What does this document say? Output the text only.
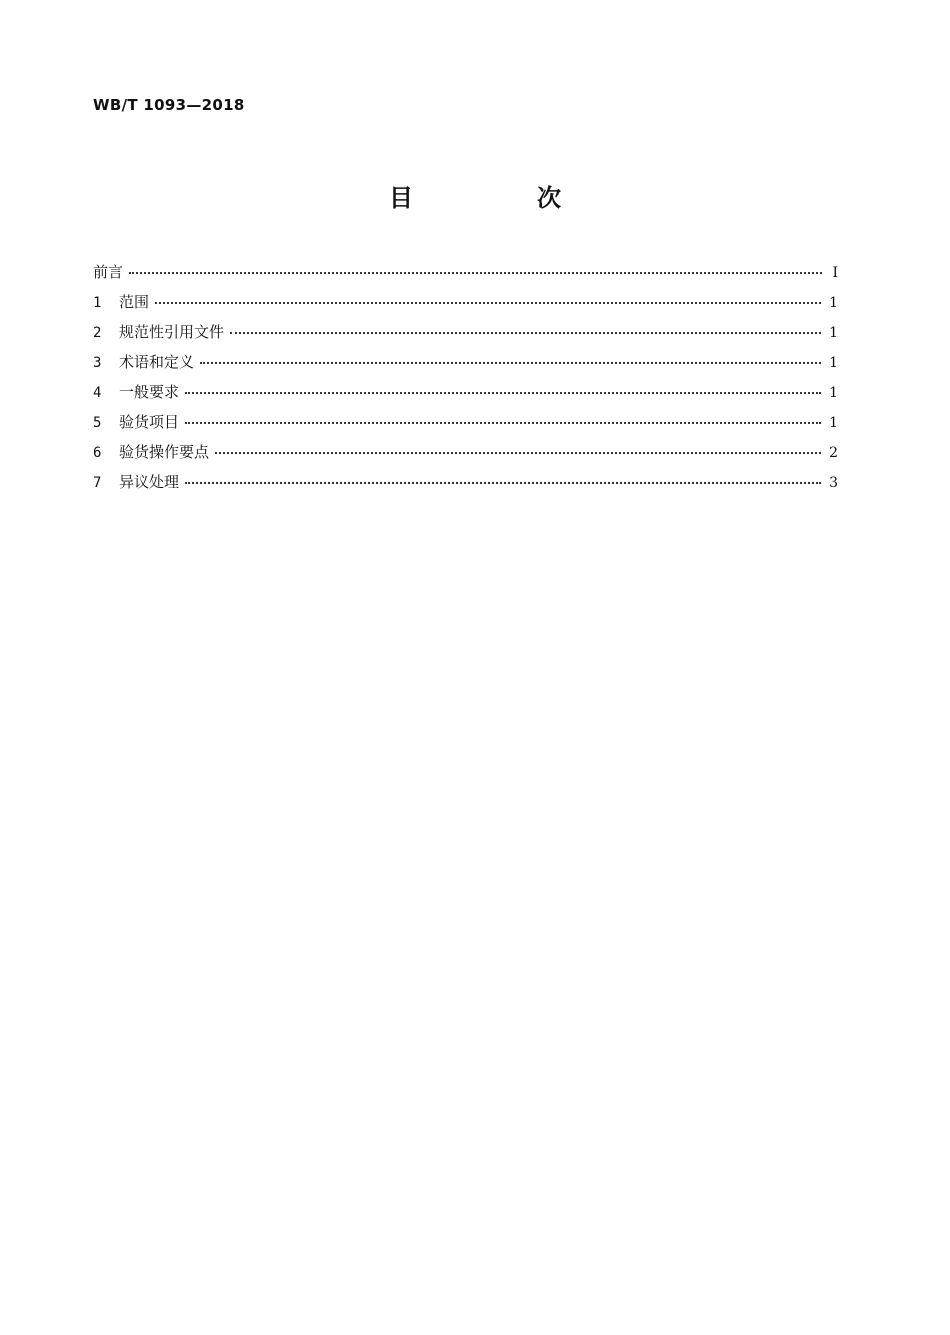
WB/T 1093—2018
目　次
前言	I
1	范围	1
2	规范性引用文件	1
3	术语和定义	1
4	一般要求	1
5	验货项目	1
6	验货操作要点	2
7	异议处理	3
